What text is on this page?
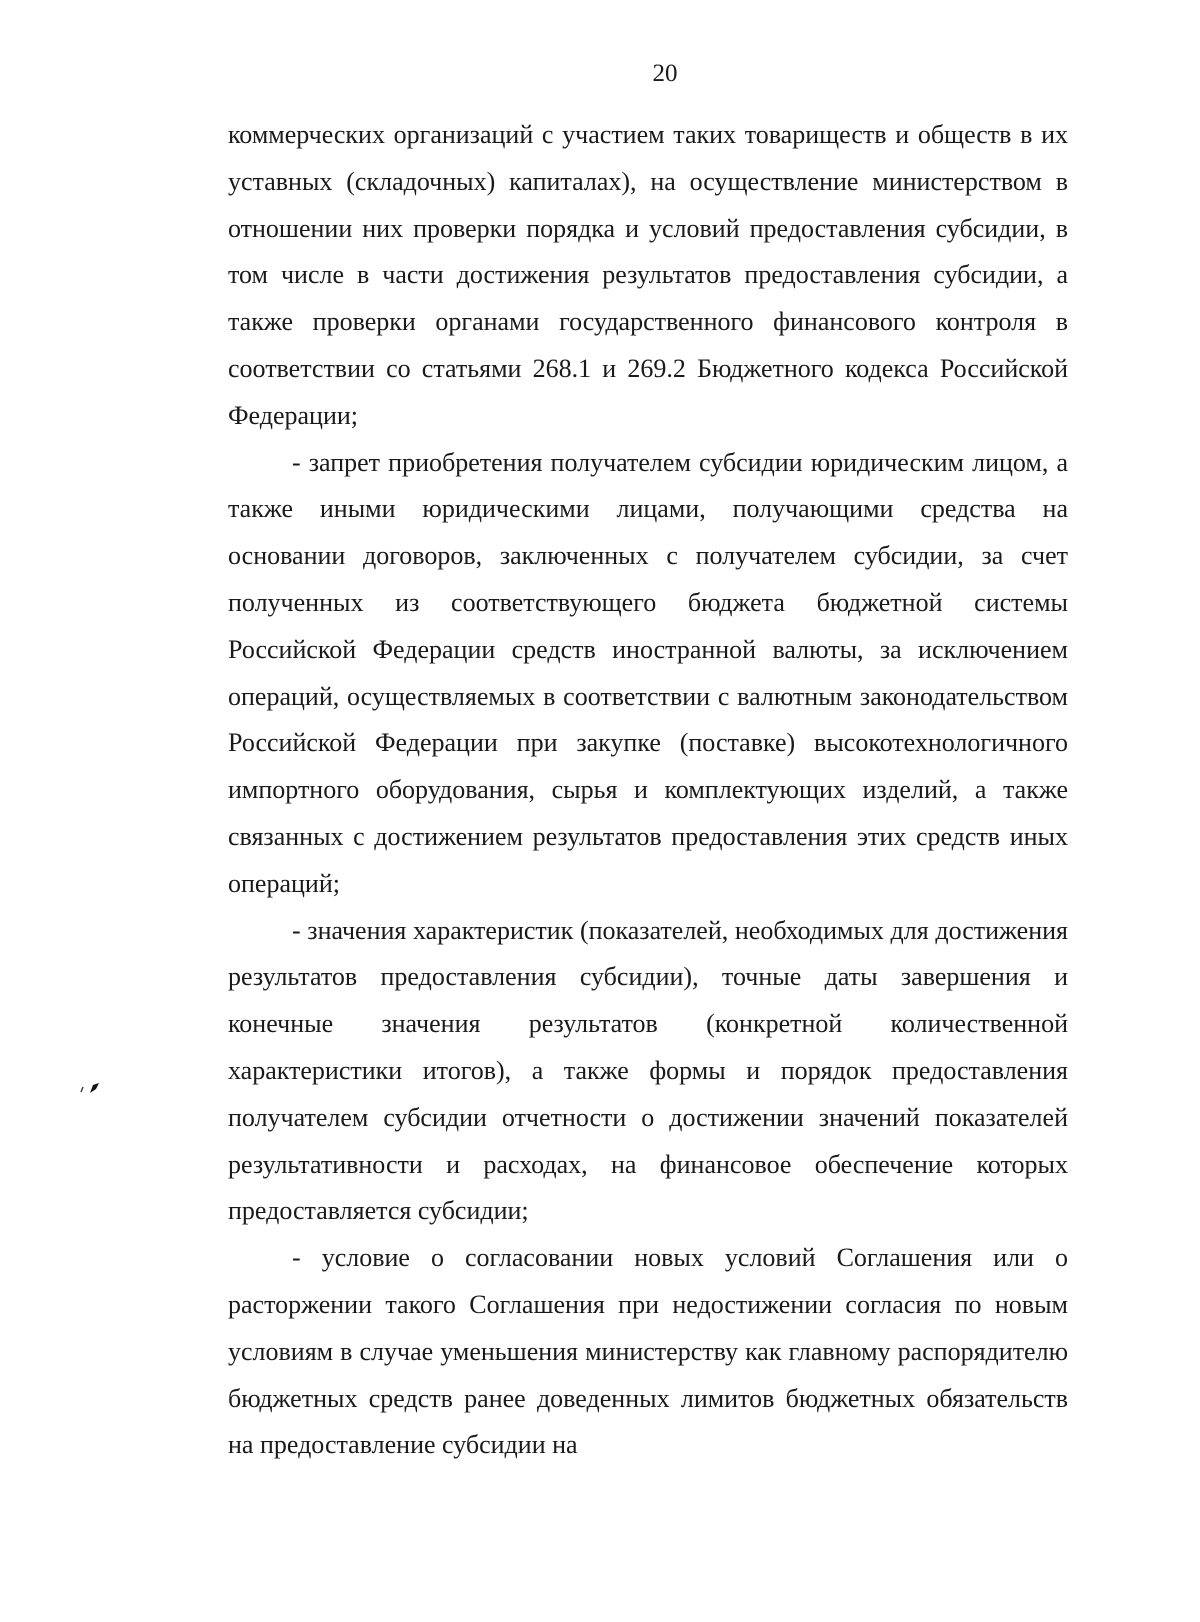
20

коммерческих организаций с участием таких товариществ и обществ в их уставных (складочных) капиталах), на осуществление министерством в отношении них проверки порядка и условий предоставления субсидии, в том числе в части достижения результатов предоставления субсидии, а также проверки органами государственного финансового контроля в соответствии со статьями 268.1 и 269.2 Бюджетного кодекса Российской Федерации;

- запрет приобретения получателем субсидии юридическим лицом, а также иными юридическими лицами, получающими средства на основании договоров, заключенных с получателем субсидии, за счет полученных из соответствующего бюджета бюджетной системы Российской Федерации средств иностранной валюты, за исключением операций, осуществляемых в соответствии с валютным законодательством Российской Федерации при закупке (поставке) высокотехнологичного импортного оборудования, сырья и комплектующих изделий, а также связанных с достижением результатов предоставления этих средств иных операций;

- значения характеристик (показателей, необходимых для достижения результатов предоставления субсидии), точные даты завершения и конечные значения результатов (конкретной количественной характеристики итогов), а также формы и порядок предоставления получателем субсидии отчетности о достижении значений показателей результативности и расходах, на финансовое обеспечение которых предоставляется субсидии;

- условие о согласовании новых условий Соглашения или о расторжении такого Соглашения при недостижении согласия по новым условиям в случае уменьшения министерству как главному распорядителю бюджетных средств ранее доведенных лимитов бюджетных обязательств на предоставление субсидии на
